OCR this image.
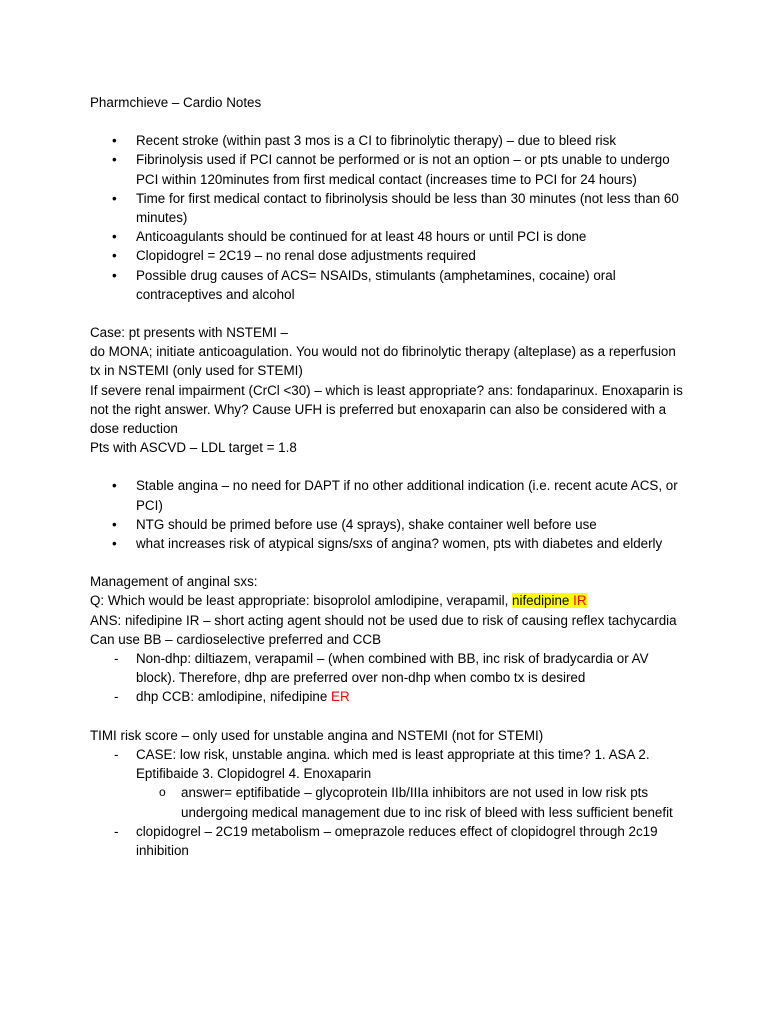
Pharmchieve – Cardio Notes

• Recent stroke (within past 3 mos is a CI to fibrinolytic therapy) – due to bleed risk
• Fibrinolysis used if PCI cannot be performed or is not an option – or pts unable to undergo PCI within 120minutes from first medical contact (increases time to PCI for 24 hours)
• Time for first medical contact to fibrinolysis should be less than 30 minutes (not less than 60 minutes)
• Anticoagulants should be continued for at least 48 hours or until PCI is done
• Clopidogrel = 2C19 – no renal dose adjustments required
• Possible drug causes of ACS= NSAIDs, stimulants (amphetamines, cocaine) oral contraceptives and alcohol

Case: pt presents with NSTEMI –

do MONA; initiate anticoagulation. You would not do fibrinolytic therapy (alteplase) as a reperfusion tx in NSTEMI (only used for STEMI)

If severe renal impairment (CrCl <30) – which is least appropriate? ans: fondaparinux. Enoxaparin is not the right answer. Why? Cause UFH is preferred but enoxaparin can also be considered with a dose reduction

Pts with ASCVD – LDL target = 1.8

• Stable angina – no need for DAPT if no other additional indication (i.e. recent acute ACS, or PCI)
• NTG should be primed before use (4 sprays), shake container well before use
• what increases risk of atypical signs/sxs of angina? women, pts with diabetes and elderly

Management of anginal sxs:

Q: Which would be least appropriate: bisoprolol amlodipine, verapamil, nifedipine IR

ANS: nifedipine IR – short acting agent should not be used due to risk of causing reflex tachycardia

Can use BB – cardioselective preferred and CCB

- Non-dhp: diltiazem, verapamil – (when combined with BB, inc risk of bradycardia or AV block). Therefore, dhp are preferred over non-dhp when combo tx is desired
- dhp CCB: amlodipine, nifedipine ER

TIMI risk score – only used for unstable angina and NSTEMI (not for STEMI)

- CASE: low risk, unstable angina. which med is least appropriate at this time? 1. ASA 2. Eptifibaide 3. Clopidogrel 4. Enoxaparin
o answer= eptifibatide – glycoprotein IIb/IIIa inhibitors are not used in low risk pts undergoing medical management due to inc risk of bleed with less sufficient benefit
- clopidogrel – 2C19 metabolism – omeprazole reduces effect of clopidogrel through 2c19 inhibition
